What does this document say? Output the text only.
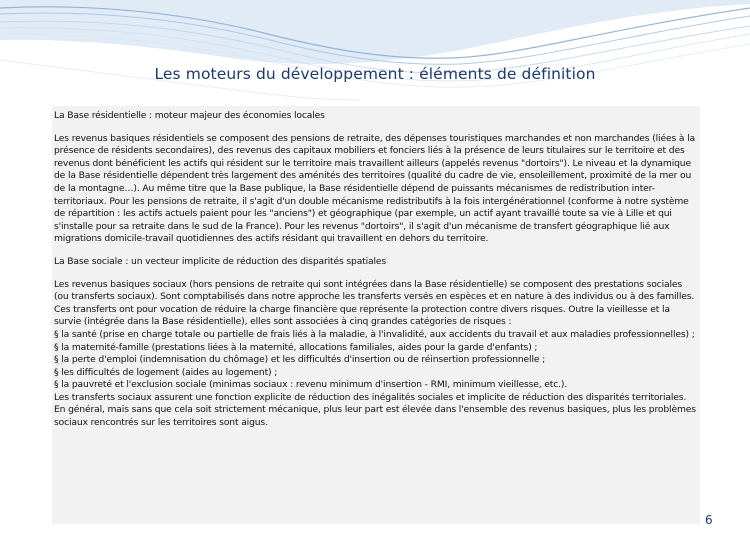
Les moteurs du développement : éléments de définition

La Base résidentielle : moteur majeur des économies locales

Les revenus basiques résidentiels se composent des pensions de retraite, des dépenses touristiques marchandes et non marchandes (liées à la présence de résidents secondaires), des revenus des capitaux mobiliers et fonciers liés à la présence de leurs titulaires sur le territoire et des revenus dont bénéficient les actifs qui résident sur le territoire mais travaillent ailleurs (appelés revenus "dortoirs"). Le niveau et la dynamique de la Base résidentielle dépendent très largement des aménités des territoires (qualité du cadre de vie, ensoleillement, proximité de la mer ou de la montagne…). Au même titre que la Base publique, la Base résidentielle dépend de puissants mécanismes de redistribution inter-territoriaux. Pour les pensions de retraite, il s'agit d'un double mécanisme redistributifs à la fois intergénérationnel (conforme à notre système de répartition : les actifs actuels paient pour les "anciens") et géographique (par exemple, un actif ayant travaillé toute sa vie à Lille et qui s'installe pour sa retraite dans le sud de la France). Pour les revenus "dortoirs", il s'agit d'un mécanisme de transfert géographique lié aux migrations domicile-travail quotidiennes des actifs résidant qui travaillent en dehors du territoire.

La Base sociale : un vecteur implicite de réduction des disparités spatiales

Les revenus basiques sociaux (hors pensions de retraite qui sont intégrées dans la Base résidentielle) se composent des prestations sociales (ou transferts sociaux). Sont comptabilisés dans notre approche les transferts versés en espèces et en nature à des individus ou à des familles. Ces transferts ont pour vocation de réduire la charge financière que représente la protection contre divers risques. Outre la vieillesse et la survie (intégrée dans la Base résidentielle), elles sont associées à cinq grandes catégories de risques :
§ la santé (prise en charge totale ou partielle de frais liés à la maladie, à l'invalidité, aux accidents du travail et aux maladies professionnelles) ;
§ la maternité-famille (prestations liées à la maternité, allocations familiales, aides pour la garde d'enfants) ;
§ la perte d'emploi (indemnisation du chômage) et les difficultés d'insertion ou de réinsertion professionnelle ;
§ les difficultés de logement (aides au logement) ;
§ la pauvreté et l'exclusion sociale (minimas sociaux : revenu minimum d'insertion - RMI, minimum vieillesse, etc.).
Les transferts sociaux assurent une fonction explicite de réduction des inégalités sociales et implicite de réduction des disparités territoriales. En général, mais sans que cela soit strictement mécanique, plus leur part est élevée dans l'ensemble des revenus basiques, plus les problèmes sociaux rencontrés sur les territoires sont aigus.

6
